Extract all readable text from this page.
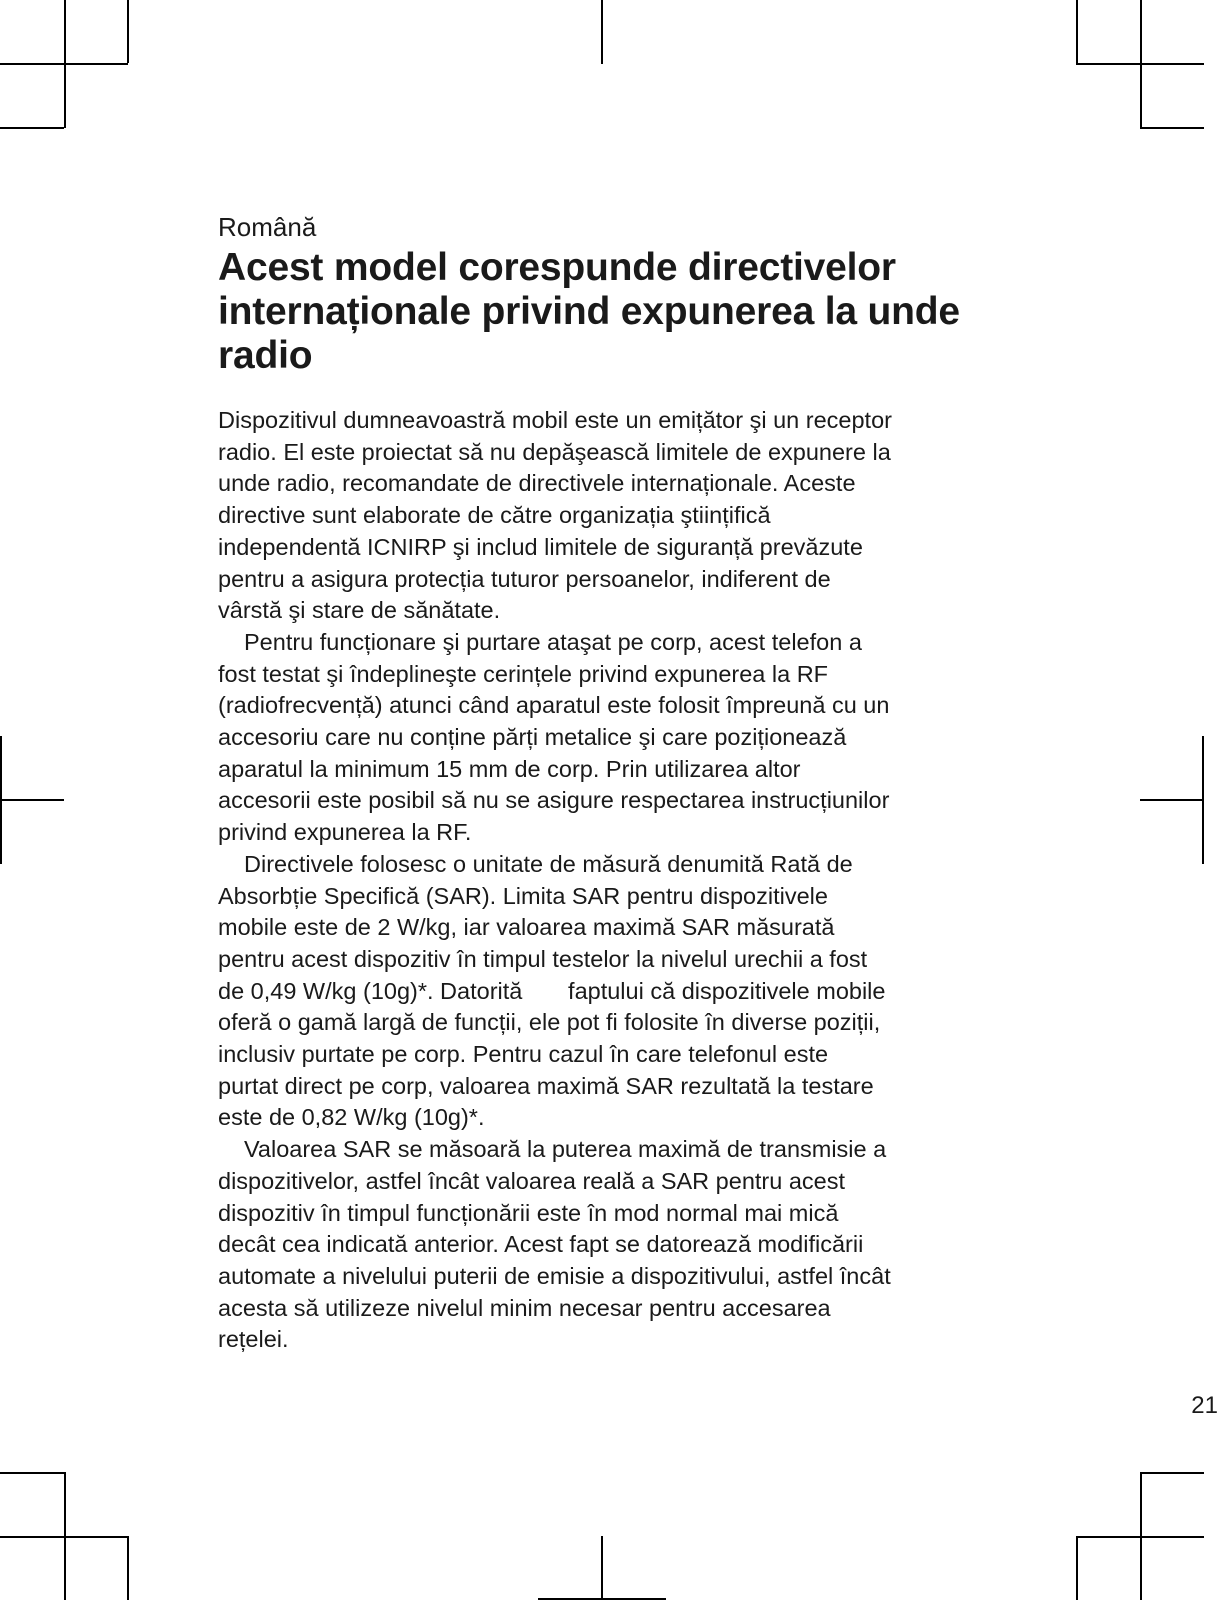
Română
Acest model corespunde directivelor
internaționale privind expunerea la unde
radio
Dispozitivul dumneavoastră mobil este un emițător şi un receptor
radio. El este proiectat să nu depăşească limitele de expunere la
unde radio, recomandate de directivele internaționale. Aceste
directive sunt elaborate de către organizația ştiințifică
independentă ICNIRP şi includ limitele de siguranță prevăzute
pentru a asigura protecția tuturor persoanelor, indiferent de
vârstă şi stare de sănătate.
Pentru funcționare şi purtare ataşat pe corp, acest telefon a
fost testat şi îndeplineşte cerințele privind expunerea la RF
(radiofrecvență) atunci când aparatul este folosit împreună cu un
accesoriu care nu conține părți metalice şi care poziționează
aparatul la minimum 15 mm de corp. Prin utilizarea altor
accesorii este posibil să nu se asigure respectarea instrucțiunilor
privind expunerea la RF.
Directivele folosesc o unitate de măsură denumită Rată de
Absorbție Specifică (SAR). Limita SAR pentru dispozitivele
mobile este de 2 W/kg, iar valoarea maximă SAR măsurată
pentru acest dispozitiv în timpul testelor la nivelul urechii a fost
de 0,49 W/kg (10g)*. Datorită       faptului că dispozitivele mobile
oferă o gamă largă de funcții, ele pot fi folosite în diverse poziții,
inclusiv purtate pe corp. Pentru cazul în care telefonul este
purtat direct pe corp, valoarea maximă SAR rezultată la testare
este de 0,82 W/kg (10g)*.
Valoarea SAR se măsoară la puterea maximă de transmisie a
dispozitivelor, astfel încât valoarea reală a SAR pentru acest
dispozitiv în timpul funcționării este în mod normal mai mică
decât cea indicată anterior. Acest fapt se datorează modificării
automate a nivelului puterii de emisie a dispozitivului, astfel încât
acesta să utilizeze nivelul minim necesar pentru accesarea
rețelei.
21
